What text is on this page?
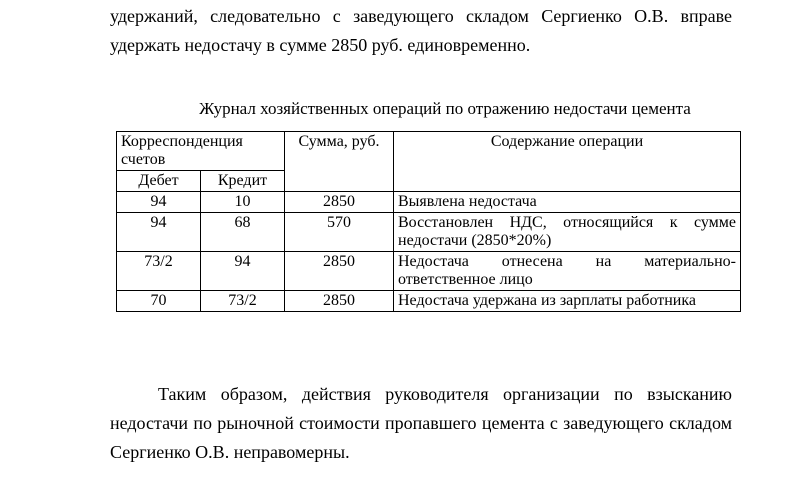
удержаний, следовательно с заведующего складом Сергиенко О.В. вправе удержать недостачу в сумме 2850 руб. единовременно.

Журнал хозяйственных операций по отражению недостачи цемента

Корреспонденция счетов		Сумма, руб.	Содержание операции
Дебет	Кредит		
94	10	2850	Выявлена недостача
94	68	570	Восстановлен НДС, относящийся к сумме недостачи (2850*20%)
73/2	94	2850	Недостача отнесена на материально-ответственное лицо
70	73/2	2850	Недостача удержана из зарплаты работника

Таким образом, действия руководителя организации по взысканию недостачи по рыночной стоимости пропавшего цемента с заведующего складом Сергиенко О.В. неправомерны.
